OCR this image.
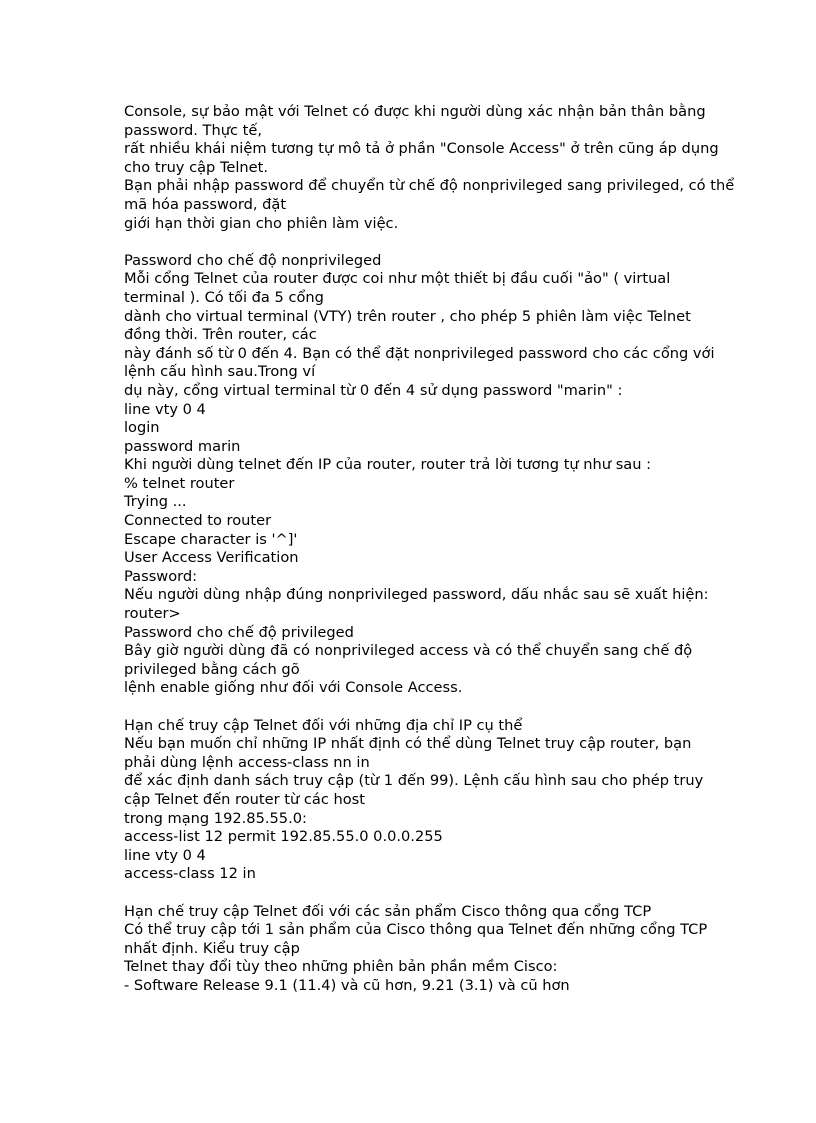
Console, sự bảo mật với Telnet có được khi người dùng xác nhận bản thân bằng
password. Thực tế,
rất nhiều khái niệm tương tự mô tả ở phần "Console Access" ở trên cũng áp dụng
cho truy cập Telnet.
Bạn phải nhập password để chuyển từ chế độ nonprivileged sang privileged, có thể
mã hóa password, đặt
giới hạn thời gian cho phiên làm việc.
Password cho chế độ nonprivileged
Mỗi cổng Telnet của router được coi như một thiết bị đầu cuối "ảo" ( virtual
terminal ). Có tối đa 5 cổng
dành cho virtual terminal (VTY) trên router , cho phép 5 phiên làm việc Telnet
đồng thời. Trên router, các
này đánh số từ 0 đến 4. Bạn có thể đặt nonprivileged password cho các cổng với
lệnh cấu hình sau.Trong ví
dụ này, cổng virtual terminal từ 0 đến 4 sử dụng password "marin" :
line vty 0 4
login
password marin
Khi người dùng telnet đến IP của router, router trả lời tương tự như sau :
% telnet router
Trying ...
Connected to router
Escape character is '^]'
User Access Verification
Password:
Nếu người dùng nhập đúng nonprivileged password, dấu nhắc sau sẽ xuất hiện:
router>
Password cho chế độ privileged
Bây giờ người dùng đã có nonprivileged access và có thể chuyển sang chế độ
privileged bằng cách gõ
lệnh enable giống như đối với Console Access.
Hạn chế truy cập Telnet đối với những địa chỉ IP cụ thể
Nếu bạn muốn chỉ những IP nhất định có thể dùng Telnet truy cập router, bạn
phải dùng lệnh access-class nn in
để xác định danh sách truy cập (từ 1 đến 99). Lệnh cấu hình sau cho phép truy
cập Telnet đến router từ các host
trong mạng 192.85.55.0:
access-list 12 permit 192.85.55.0 0.0.0.255
line vty 0 4
access-class 12 in
Hạn chế truy cập Telnet đối với các sản phẩm Cisco thông qua cổng TCP
Có thể truy cập tới 1 sản phẩm của Cisco thông qua Telnet đến những cổng TCP
nhất định. Kiểu truy cập
Telnet thay đổi tùy theo những phiên bản phần mềm Cisco:
- Software Release 9.1 (11.4) và cũ hơn, 9.21 (3.1) và cũ hơn
